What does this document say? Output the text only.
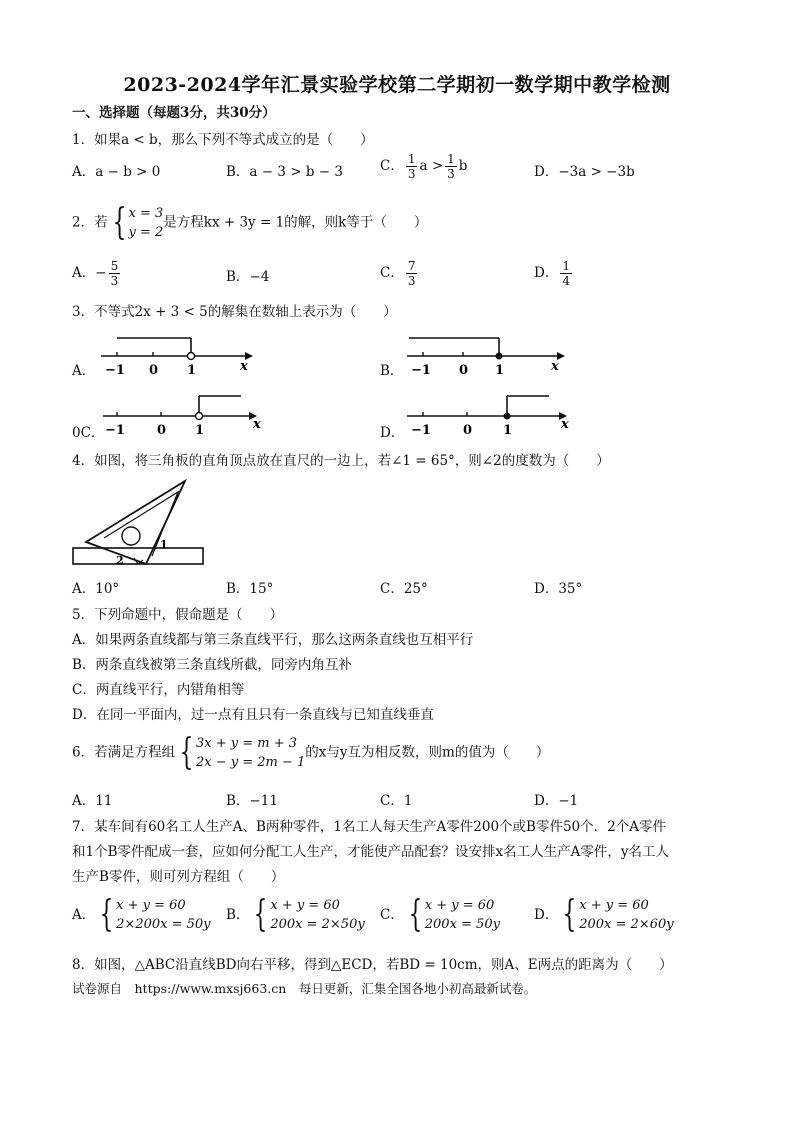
2023-2024学年汇景实验学校第二学期初一数学期中教学检测
一、选择题（每题3分，共30分）
1．如果a < b，那么下列不等式成立的是（　　）
A．a − b > 0	B．a − 3 > b − 3	C． $\frac{1}{3}$ $a > \frac{1}{3}$ b	D．−3a > −3b
2．若 { x = 3
y = 2
是方程kx + 3y = 1的解，则k等于（　　）
A．− $\frac{5}{3}$	B．−4	C． $\frac{7}{3}$	D． $\frac{1}{4}$
3．不等式2x + 3 < 5的解集在数轴上表示为（　　）
A． −1 0 1	x	B． −1 0 1	x
0C． −1 0 1	x
D． −1 0 1	x
4．如图，将三角板的直角顶点放在直尺的一边上，若∠1 = 65°，则∠2的度数为（　　）
1
2
A．10°	B．15°	C．25°	D．35°
5．下列命题中，假命题是（　　）
A．如果两条直线都与第三条直线平行，那么这两条直线也互相平行
B．两条直线被第三条直线所截，同旁内角互补
C．两直线平行，内错角相等
D．在同一平面内，过一点有且只有一条直线与已知直线垂直
6．若满足方程组 { 3x + y = m + 3
2x − y = 2m − 1
的x与y互为相反数，则m的值为（　　）
A．11	B．−11	C．1	D．−1
7．某车间有60名工人生产A、B两种零件，1名工人每天生产A零件200个或B零件50个．2个A零件
和1个B零件配成一套，应如何分配工人生产，才能使产品配套？设安排x名工人生产A零件，y名工人
生产B零件，则可列方程组（　　）
A． { x + y = 60
2×200x = 50y
B． { x + y = 60
200x = 2×50y
C． { x + y = 60
200x = 50y
D． { x + y = 60
200x = 2×60y
8．如图，△ABC沿直线BD向右平移，得到△ECD，若BD = 10cm，则A、E两点的距离为（　　）
试卷源自　https://www.mxsj663.cn　每日更新，汇集全国各地小初高最新试卷。
